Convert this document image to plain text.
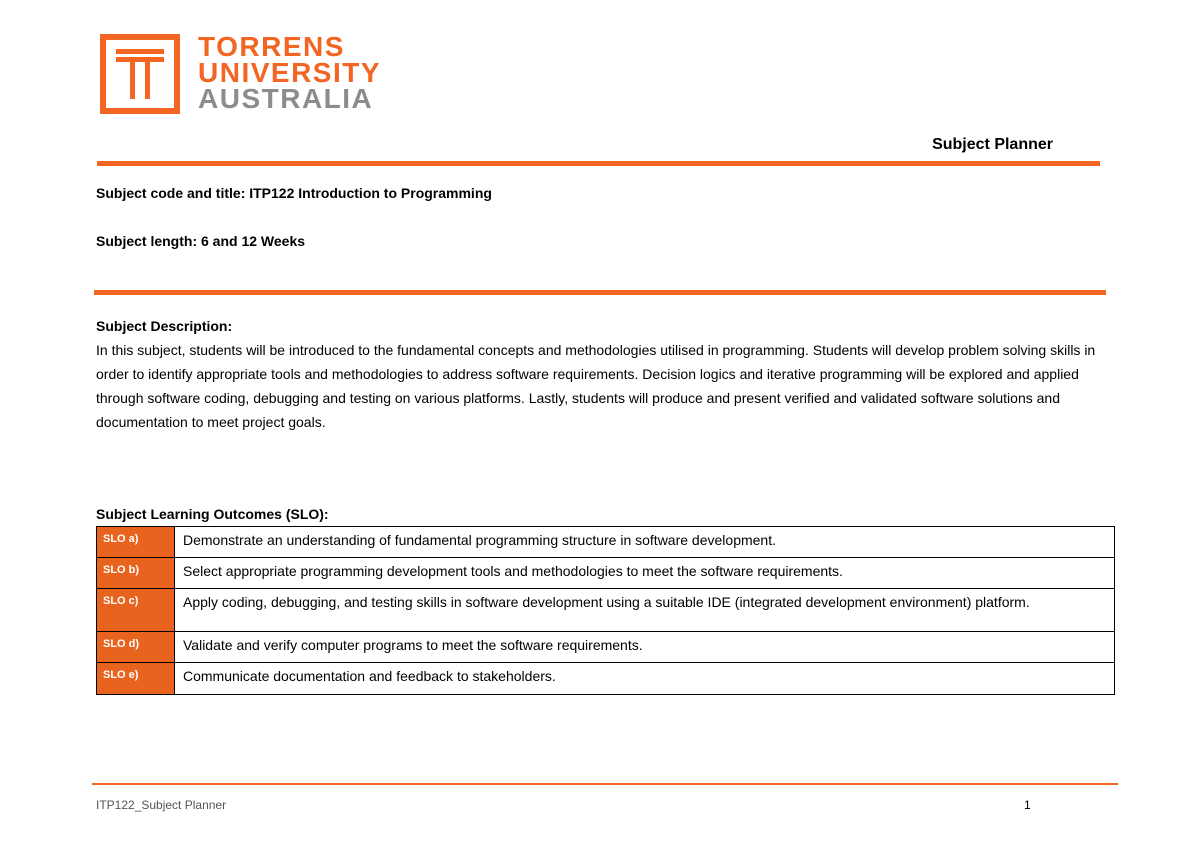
TORRENS
UNIVERSITY
AUSTRALIA
Subject Planner
Subject code and title: ITP122 Introduction to Programming
Subject length: 6 and 12 Weeks
Subject Description:
In this subject, students will be introduced to the fundamental concepts and methodologies utilised in programming. Students will develop problem solving skills in order to identify appropriate tools and methodologies to address software requirements. Decision logics and iterative programming will be explored and applied through software coding, debugging and testing on various platforms. Lastly, students will produce and present verified and validated software solutions and documentation to meet project goals.
Subject Learning Outcomes (SLO):
SLO a)	Demonstrate an understanding of fundamental programming structure in software development.
SLO b)	Select appropriate programming development tools and methodologies to meet the software requirements.
SLO c)	Apply coding, debugging, and testing skills in software development using a suitable IDE (integrated development environment) platform.
SLO d)	Validate and verify computer programs to meet the software requirements.
SLO e)	Communicate documentation and feedback to stakeholders.
ITP122_Subject Planner	1
